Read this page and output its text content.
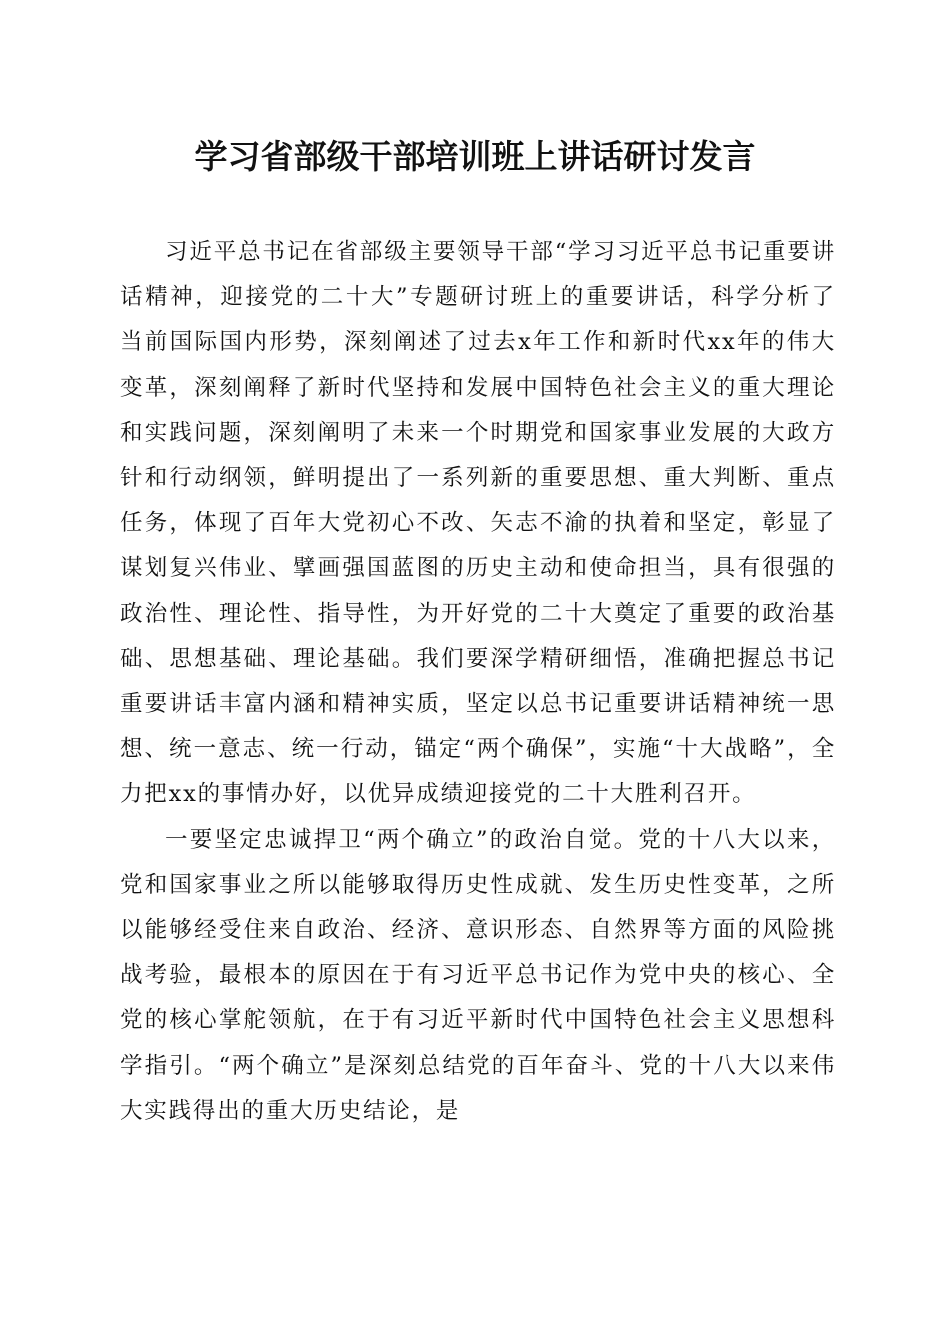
学习省部级干部培训班上讲话研讨发言

习近平总书记在省部级主要领导干部“学习习近平总书记重要讲话精神，迎接党的二十大”专题研讨班上的重要讲话，科学分析了当前国际国内形势，深刻阐述了过去x年工作和新时代xx年的伟大变革，深刻阐释了新时代坚持和发展中国特色社会主义的重大理论和实践问题，深刻阐明了未来一个时期党和国家事业发展的大政方针和行动纲领，鲜明提出了一系列新的重要思想、重大判断、重点任务，体现了百年大党初心不改、矢志不渝的执着和坚定，彰显了谋划复兴伟业、擘画强国蓝图的历史主动和使命担当，具有很强的政治性、理论性、指导性，为开好党的二十大奠定了重要的政治基础、思想基础、理论基础。我们要深学精研细悟，准确把握总书记重要讲话丰富内涵和精神实质，坚定以总书记重要讲话精神统一思想、统一意志、统一行动，锚定“两个确保”，实施“十大战略”，全力把xx的事情办好，以优异成绩迎接党的二十大胜利召开。

一要坚定忠诚捍卫“两个确立”的政治自觉。党的十八大以来，党和国家事业之所以能够取得历史性成就、发生历史性变革，之所以能够经受住来自政治、经济、意识形态、自然界等方面的风险挑战考验，最根本的原因在于有习近平总书记作为党中央的核心、全党的核心掌舵领航，在于有习近平新时代中国特色社会主义思想科学指引。“两个确立”是深刻总结党的百年奋斗、党的十八大以来伟大实践得出的重大历史结论，是
